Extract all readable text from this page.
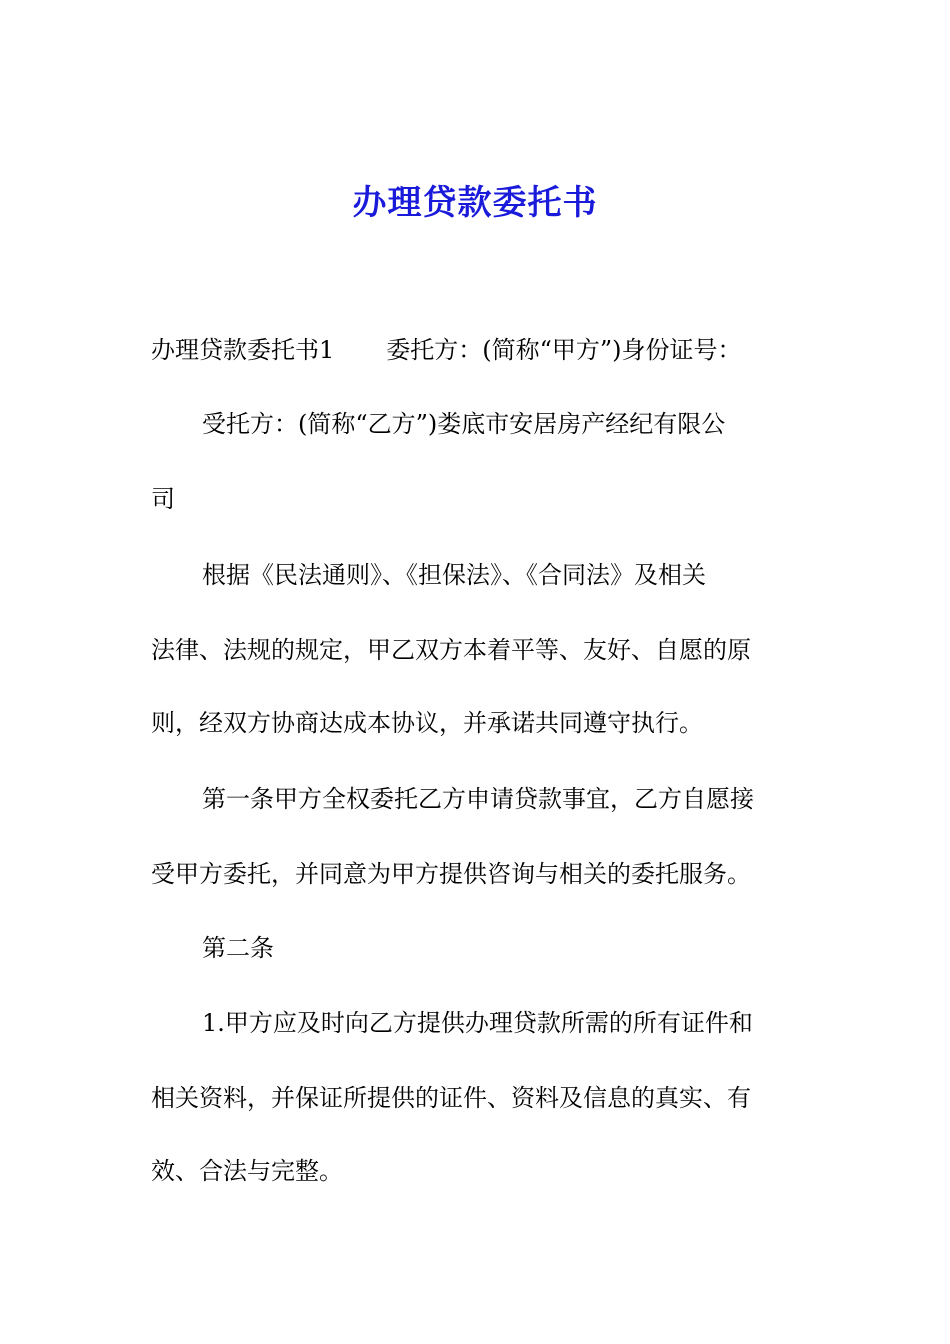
办理贷款委托书
办理贷款委托书1 委托方：(简称“甲方”)身份证号：
受托方：(简称“乙方”)娄底市安居房产经纪有限公
司
根据《民法通则》、《担保法》、《合同法》及相关
法律、法规的规定，甲乙双方本着平等、友好、自愿的原
则，经双方协商达成本协议，并承诺共同遵守执行。
第一条甲方全权委托乙方申请贷款事宜，乙方自愿接
受甲方委托，并同意为甲方提供咨询与相关的委托服务。
第二条
1.甲方应及时向乙方提供办理贷款所需的所有证件和
相关资料，并保证所提供的证件、资料及信息的真实、有
效、合法与完整。
